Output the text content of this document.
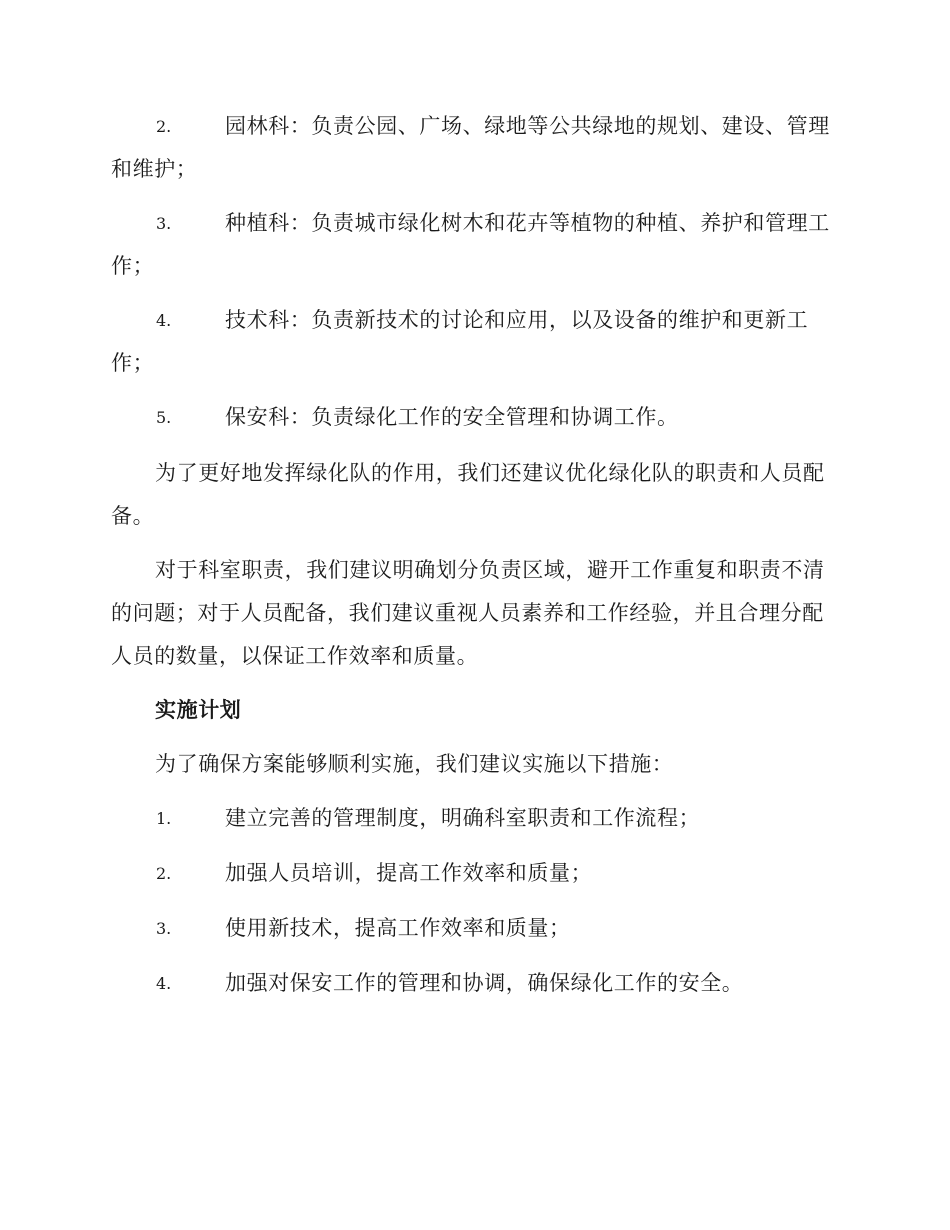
2.	园林科：负责公园、广场、绿地等公共绿地的规划、建设、管理和维护；
3.	种植科：负责城市绿化树木和花卉等植物的种植、养护和管理工作；
4.	技术科：负责新技术的讨论和应用，以及设备的维护和更新工作；
5.	保安科：负责绿化工作的安全管理和协调工作。
为了更好地发挥绿化队的作用，我们还建议优化绿化队的职责和人员配备。
对于科室职责，我们建议明确划分负责区域，避开工作重复和职责不清的问题；对于人员配备，我们建议重视人员素养和工作经验，并且合理分配人员的数量，以保证工作效率和质量。
实施计划
为了确保方案能够顺利实施，我们建议实施以下措施：
1.	建立完善的管理制度，明确科室职责和工作流程；
2.	加强人员培训，提高工作效率和质量；
3.	使用新技术，提高工作效率和质量；
4.	加强对保安工作的管理和协调，确保绿化工作的安全。
